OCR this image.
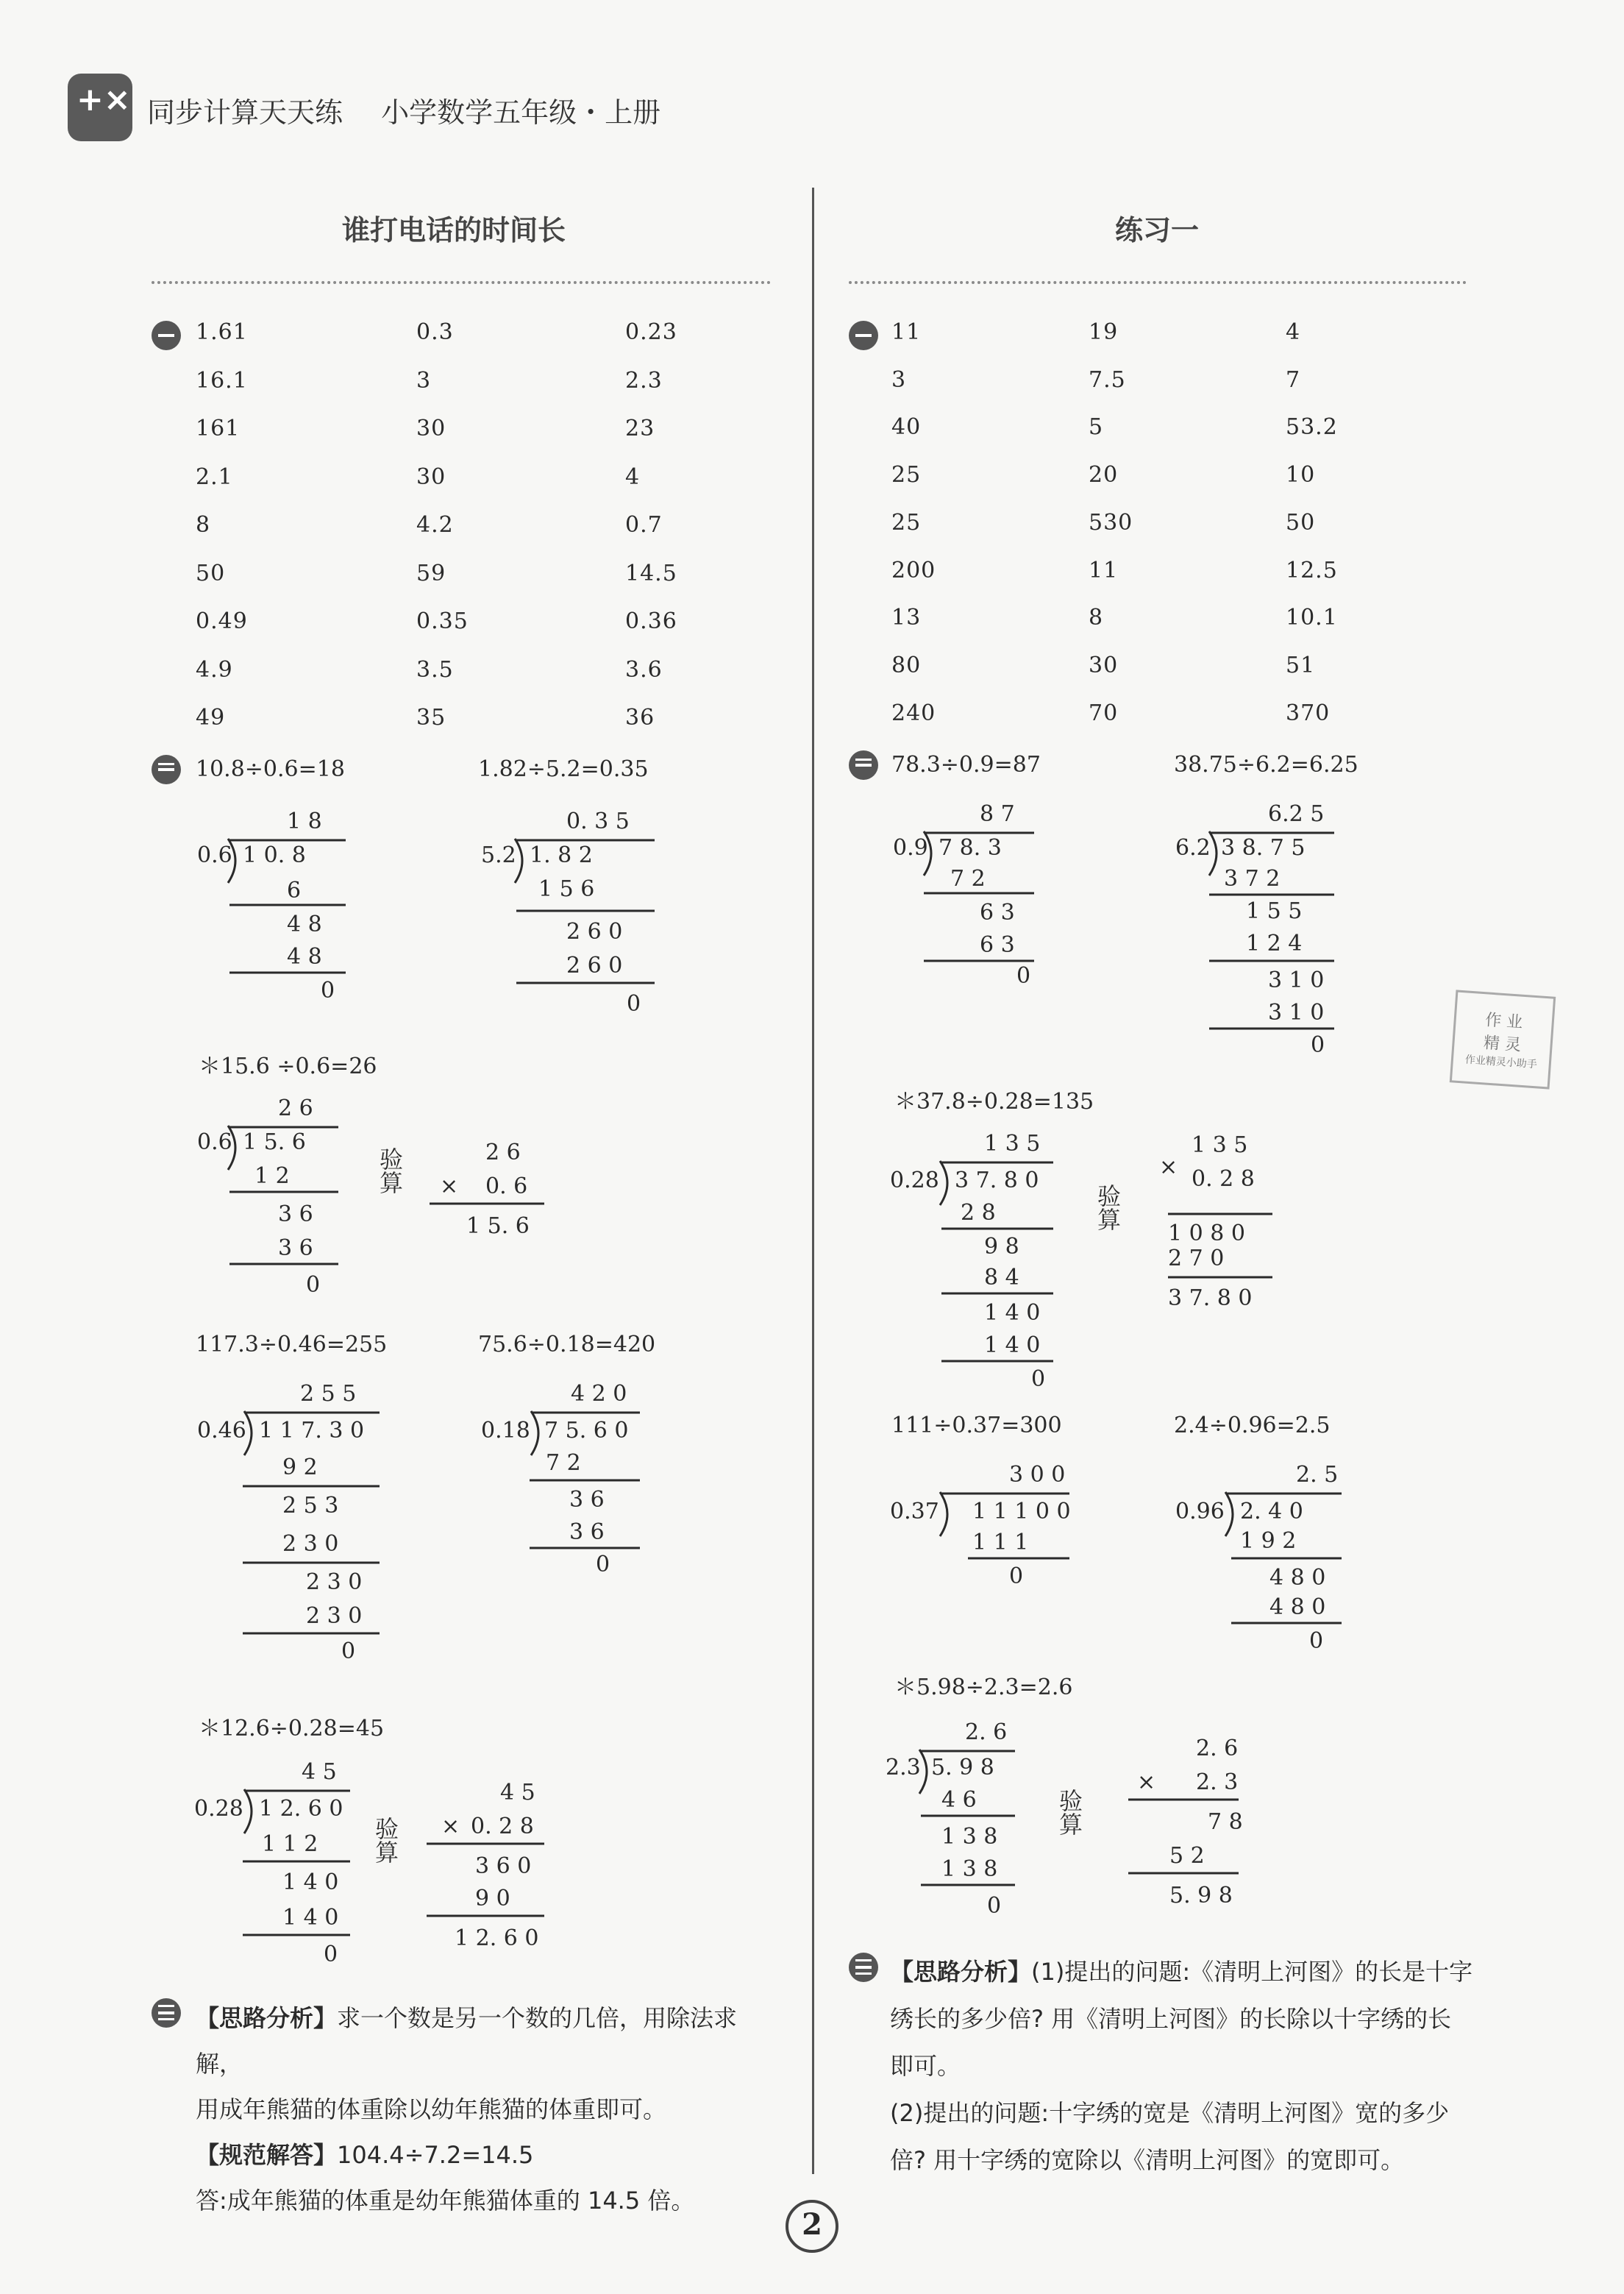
+× 同步计算天天练 小学数学五年级・上册
谁打电话的时间长
1.61	0.3	0.23
16.1	3	2.3
161	30	23
2.1	30	4
8	4.2	0.7
50	59	14.5
0.49	0.35	0.36
4.9	3.5	3.6
49	35	36
10.8÷0.6=18	1.82÷5.2=0.35
1 8
0.6 1 0. 8
6
4 8
4 8
0
0. 3 5
5.2 1. 8 2
1 5 6
2 6 0
2 6 0
0
＊15.6 ÷0.6=26
2 6
0.6 1 5. 6
1 2
3 6
3 6
0
验
算
2 6
× 0. 6
1 5. 6
117.3÷0.46=255	75.6÷0.18=420
2 5 5
0.46 1 1 7. 3 0
9 2
2 5 3
2 3 0
2 3 0
2 3 0
0
4 2 0
0.18 7 5. 6 0
7 2
3 6
3 6
0
＊12.6÷0.28=45
4 5
0.28 1 2. 6 0
1 1 2
1 4 0
1 4 0
0
验
算
4 5
× 0. 2 8
3 6 0
9 0
1 2. 6 0
【思路分析】求一个数是另一个数的几倍，用除法求解，
用成年熊猫的体重除以幼年熊猫的体重即可。
【规范解答】104.4÷7.2=14.5
答:成年熊猫的体重是幼年熊猫体重的 14.5 倍。
练习一
11	19	4
3	7.5	7
40	5	53.2
25	20	10
25	530	50
200	11	12.5
13	8	10.1
80	30	51
240	70	370
78.3÷0.9=87	38.75÷6.2=6.25
8 7
0.9 7 8. 3
7 2
6 3
6 3
0
6.2 5
6.2 3 8. 7 5
3 7 2
1 5 5
1 2 4
3 1 0
3 1 0
0
＊37.8÷0.28=135
1 3 5
0.28 3 7. 8 0
2 8
9 8
8 4
1 4 0
1 4 0
0
验
算
1 3 5
× 0. 2 8
1 0 8 0
2 7 0
3 7. 8 0
111÷0.37=300	2.4÷0.96=2.5
3 0 0
0.37 1 1 1 0 0
1 1 1
0
2. 5
0.96 2. 4 0
1 9 2
4 8 0
4 8 0
0
＊5.98÷2.3=2.6
2. 6
2.3 5. 9 8
4 6
1 3 8
1 3 8
0
验
算
2. 6
× 2. 3
7 8
5 2
5. 9 8
【思路分析】(1)提出的问题:《清明上河图》的长是十字
绣长的多少倍? 用《清明上河图》的长除以十字绣的长
即可。
(2)提出的问题:十字绣的宽是《清明上河图》宽的多少
倍? 用十字绣的宽除以《清明上河图》的宽即可。
作 业
精 灵
作业精灵小助手
2
